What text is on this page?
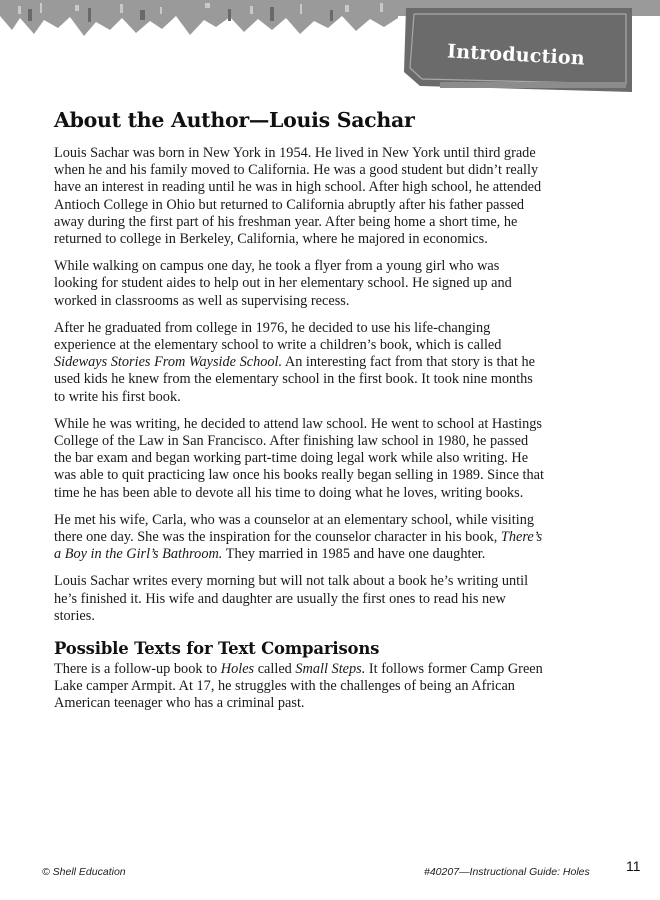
Introduction
About the Author—Louis Sachar

Louis Sachar was born in New York in 1954. He lived in New York until third grade when he and his family moved to California. He was a good student but didn’t really have an interest in reading until he was in high school. After high school, he attended Antioch College in Ohio but returned to California abruptly after his father passed away during the first part of his freshman year. After being home a short time, he returned to college in Berkeley, California, where he majored in economics.

While walking on campus one day, he took a flyer from a young girl who was looking for student aides to help out in her elementary school. He signed up and worked in classrooms as well as supervising recess.

After he graduated from college in 1976, he decided to use his life-changing experience at the elementary school to write a children’s book, which is called Sideways Stories From Wayside School. An interesting fact from that story is that he used kids he knew from the elementary school in the first book. It took nine months to write his first book.

While he was writing, he decided to attend law school. He went to school at Hastings College of the Law in San Francisco. After finishing law school in 1980, he passed the bar exam and began working part-time doing legal work while also writing. He was able to quit practicing law once his books really began selling in 1989. Since that time he has been able to devote all his time to doing what he loves, writing books.

He met his wife, Carla, who was a counselor at an elementary school, while visiting there one day. She was the inspiration for the counselor character in his book, There’s a Boy in the Girl’s Bathroom. They married in 1985 and have one daughter.

Louis Sachar writes every morning but will not talk about a book he’s writing until he’s finished it. His wife and daughter are usually the first ones to read his new stories.

Possible Texts for Text Comparisons

There is a follow-up book to Holes called Small Steps. It follows former Camp Green Lake camper Armpit. At 17, he struggles with the challenges of being an African American teenager who has a criminal past.

© Shell Education	#40207—Instructional Guide: Holes	11
